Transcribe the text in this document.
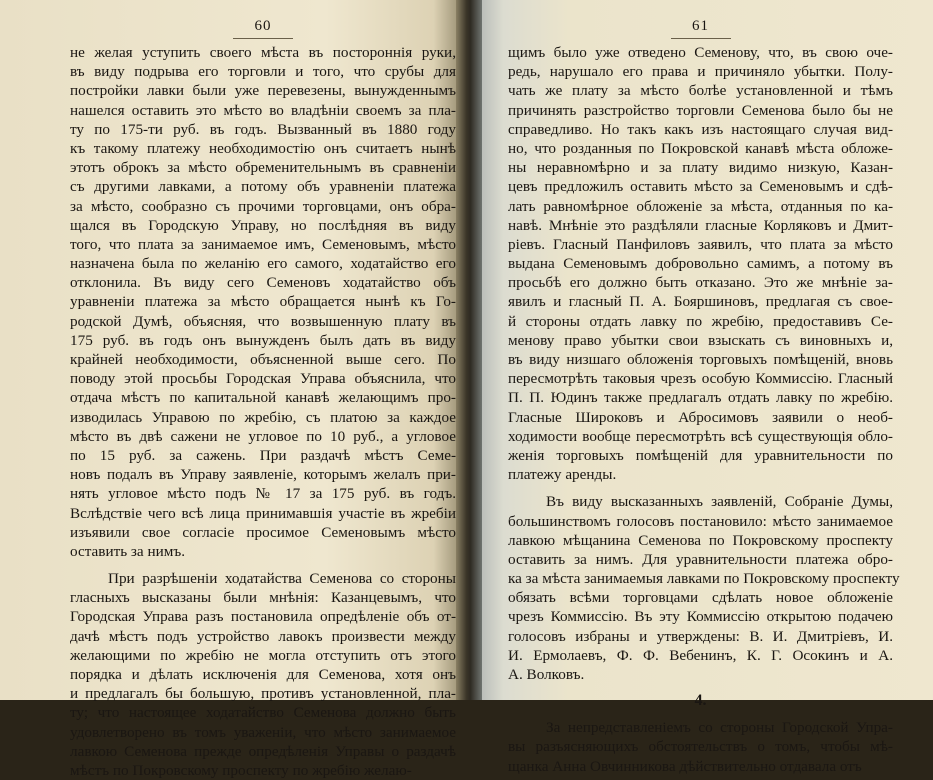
60
не желая уступить своего мѣста въ постороннія руки,
въ виду подрыва его торговли и того, что срубы для
постройки лавки были уже перевезены, вынужденнымъ
нашелся оставить это мѣсто во владѣніи своемъ за пла-
ту по 175-ти руб. въ годъ. Вызванный въ 1880 году
къ такому платежу необходимостію онъ считаетъ нынѣ
этотъ оброкъ за мѣсто обременительнымъ въ сравненіи
съ другими лавками, а потому объ уравненіи платежа
за мѣсто, сообразно съ прочими торговцами, онъ обра-
щался въ Городскую Управу, но послѣдняя въ виду
того, что плата за занимаемое имъ, Семеновымъ, мѣсто
назначена была по желанію его самого, ходатайство его
отклонила. Въ виду сего Семеновъ ходатайство объ
уравненіи платежа за мѣсто обращается нынѣ къ Го-
родской Думѣ, объясняя, что возвышенную плату въ
175 руб. въ годъ онъ вынужденъ былъ дать въ виду
крайней необходимости, объясненной выше сего. По
поводу этой просьбы Городская Управа объяснила, что
отдача мѣстъ по капитальной канавѣ желающимъ про-
изводилась Управою по жребію, съ платою за каждое
мѣсто въ двѣ сажени не угловое по 10 руб., а угловое
по 15 руб. за сажень. При раздачѣ мѣстъ Семе-
новъ подалъ въ Управу заявленіе, которымъ желалъ при-
нять угловое мѣсто подъ № 17 за 175 руб. въ годъ.
Вслѣдствіе чего всѣ лица принимавшія участіе въ жребіи
изъявили свое согласіе просимое Семеновымъ мѣсто
оставить за нимъ.
При разрѣшеніи ходатайства Семенова со стороны
гласныхъ высказаны были мнѣнія: Казанцевымъ, что
Городская Управа разъ постановила опредѣленіе объ от-
дачѣ мѣстъ подъ устройство лавокъ произвести между
желающими по жребію не могла отступить отъ этого
порядка и дѣлать исключенія для Семенова, хотя онъ
и предлагалъ бы большую, противъ установленной, пла-
ту; что настоящее ходатайство Семенова должно быть
удовлетворено въ томъ уваженіи, что мѣсто занимаемое
лавкою Семенова прежде опредѣленія Управы о раздачѣ
мѣстъ по Покровскому проспекту по жребію желаю-
61
щимъ было уже отведено Семенову, что, въ свою оче-
редь, нарушало его права и причиняло убытки. Полу-
чать же плату за мѣсто болѣе установленной и тѣмъ
причинять разстройство торговли Семенова было бы не
справедливо. Но такъ какъ изъ настоящаго случая вид-
но, что розданныя по Покровской канавѣ мѣста обложе-
ны неравномѣрно и за плату видимо низкую, Казан-
цевъ предложилъ оставить мѣсто за Семеновымъ и сдѣ-
лать равномѣрное обложеніе за мѣста, отданныя по ка-
навѣ. Мнѣніе это раздѣляли гласные Корляковъ и Дмит-
ріевъ. Гласный Панфиловъ заявилъ, что плата за мѣсто
выдана Семеновымъ добровольно самимъ, а потому въ
просьбѣ его должно быть отказано. Это же мнѣніе за-
явилъ и гласный П. А. Бояршиновъ, предлагая съ свое-
й стороны отдать лавку по жребію, предоставивъ Се-
менову право убытки свои взыскать съ виновныхъ и,
въ виду низшаго обложенія торговыхъ помѣщеній, вновь
пересмотрѣть таковыя чрезъ особую Коммиссію. Гласный
П. П. Юдинъ также предлагалъ отдать лавку по жребію.
Гласные Широковъ и Абросимовъ заявили о необ-
ходимости вообще пересмотрѣть всѣ существующія обло-
женія торговыхъ помѣщеній для уравнительности по
платежу аренды.
Въ виду высказанныхъ заявленій, Собраніе Думы,
большинствомъ голосовъ постановило: мѣсто занимаемое
лавкою мѣщанина Семенова по Покровскому проспекту
оставить за нимъ. Для уравнительности платежа обро-
ка за мѣста занимаемыя лавками по Покровскому проспекту
обязать всѣми торговцами сдѣлать новое обложеніе
чрезъ Коммиссію. Въ эту Коммиссію открытою подачею
голосовъ избраны и утверждены: В. И. Дмитріевъ, И.
И. Ермолаевъ, Ф. Ф. Вебенинъ, К. Г. Осокинъ и А.
А. Волковъ.
4.
За непредставленіемъ со стороны Городской Упра-
вы разъясняющихъ обстоятельствъ о томъ, чтобы мѣ-
щанка Анна Овчинникова дѣйствительно отдавала отъ
